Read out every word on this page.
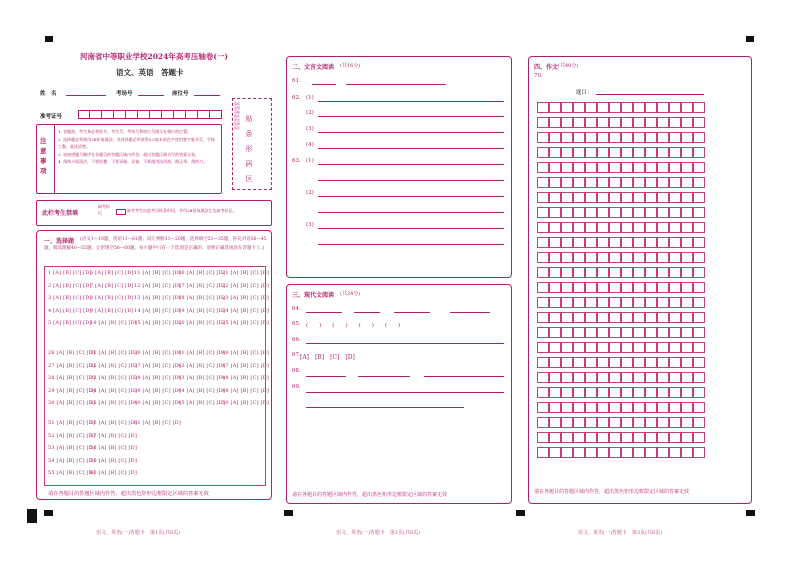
河南省中等职业学校2024年高考压轴卷(一)
语文、英语　答题卡
姓　名	考场号	座位号
准考证号	贴 条 形 码 区
请将条形码粘贴在此处 条形码区
注 意 事 项
1. 答题前，考生务必将姓名、考生号、考场号和座位号填写在相应的位置。
2. 选择题必须使用2B铅笔填涂；非选择题必须使用0.5毫米黑色字迹的签字笔书写，字体工整、笔迹清楚。
3. 请按照题号顺序在各题目的答题区域内作答，超出答题区域书写的答案无效。
4. 保持卡面清洁，不要折叠、不要弄破、弄皱，不准使用涂改液、修正带、刮纸刀。
此栏考生禁填
缺考标记	缺考考生由监考员贴条形码，并用2B铅笔填涂左边缺考标记。
一、选择题	(语文1—10题，英语11—61题；词汇判断11—20题，选择填空21—35题，补充对话36—45题，阅读理解46—55题，完形填空56—60题。每小题中只有一个选项是正确的，请将正确选项涂在答题卡上。)
1 [A] [B] [C] [D]
2 [A] [B] [C] [D]
3 [A] [B] [C] [D]
4 [A] [B] [C] [D]
5 [A] [B] [C] [D]
6 [A] [B] [C] [D]
7 [A] [B] [C] [D]
8 [A] [B] [C] [D]
9 [A] [B] [C] [D]
10 [A] [B] [C] [D]
11 [A] [B] [C] [D]
12 [A] [B] [C] [D]
13 [A] [B] [C] [D]
14 [A] [B] [C] [D]
15 [A] [B] [C] [D]
16 [A] [B] [C] [D]
17 [A] [B] [C] [D]
18 [A] [B] [C] [D]
19 [A] [B] [C] [D]
20 [A] [B] [C] [D]
21 [A] [B] [C] [D]
22 [A] [B] [C] [D]
23 [A] [B] [C] [D]
24 [A] [B] [C] [D]
25 [A] [B] [C] [D]
26 [A] [B] [C] [D]
27 [A] [B] [C] [D]
28 [A] [B] [C] [D]
29 [A] [B] [C] [D]
30 [A] [B] [C] [D]
31 [A] [B] [C] [D]
32 [A] [B] [C] [D]
33 [A] [B] [C] [D]
34 [A] [B] [C] [D]
35 [A] [B] [C] [D]
36 [A] [B] [C] [D]
37 [A] [B] [C] [D]
38 [A] [B] [C] [D]
39 [A] [B] [C] [D]
40 [A] [B] [C] [D]
41 [A] [B] [C] [D]
42 [A] [B] [C] [D]
43 [A] [B] [C] [D]
44 [A] [B] [C] [D]
45 [A] [B] [C] [D]
46 [A] [B] [C] [D]
47 [A] [B] [C] [D]
48 [A] [B] [C] [D]
49 [A] [B] [C] [D]
50 [A] [B] [C] [D]
51 [A] [B] [C] [D]
52 [A] [B] [C] [D]
53 [A] [B] [C] [D]
54 [A] [B] [C] [D]
55 [A] [B] [C] [D]
56 [A] [B] [C] [D]
57 [A] [B] [C] [D]
58 [A] [B] [C] [D]
59 [A] [B] [C] [D]
60 [A] [B] [C] [D]
61 [A] [B] [C] [D]
请在各题目的答题区域内作答，超出黑色矩形边框限定区域的答案无效
语文、英语(一)答题卡　第1页(共6页)
二、文言文阅读 (共16分)
61.
62. (1)
(2)
(3)
(4)
63. (1)
(2)
(3)
三、现代文阅读 (共24分)
64.
65. (　　)　　(　　)　　(　　)　　(　　)
66.
67. [A]　[B]　[C]　[D]
68.
69.
请在各题目的答题区域内作答，超出黑色矩形边框限定区域的答案无效
语文、英语(一)答题卡　第2页(共6页)
四、作文 (共40分)
70.
题目：
请在各题目的答题区域内作答，超出黑色矩形边框限定区域的答案无效
语文、英语(一)答题卡　第3页(共6页)
